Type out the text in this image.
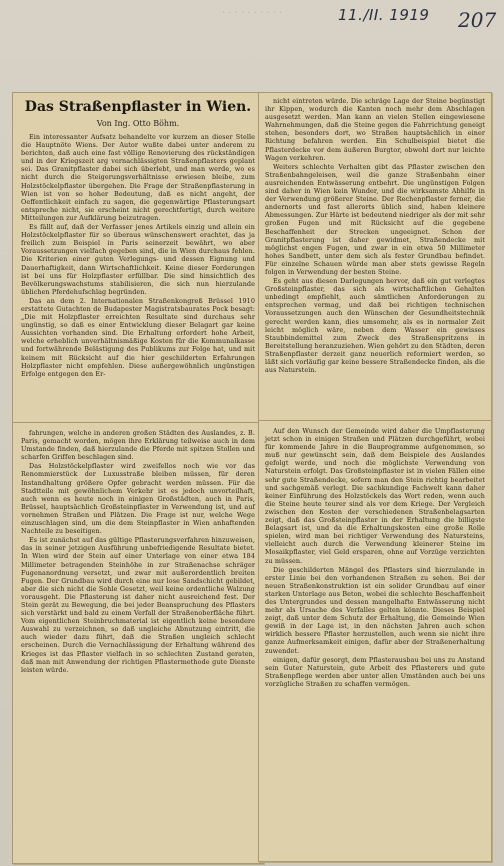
· · · · · · · · · ·	11./II. 1919 207
Das Straßenpflaster in Wien.
Von Ing. Otto Böhm.

Ein interessanter Aufsatz behandelte vor kurzem an dieser Stelle die Hauptnöte Wiens. Der Autor wußte dabei unter anderem zu berichten, daß auch eine fast völlige Renovierung des rückständigen und in der Kriegszeit arg vernachlässigten Straßenpflasters geplant sei. Das Granitpflaster dabei sich überlebt, und man werde, wo es nicht durch die Steigerungsverhältnisse erwiesen bleibe, zum Holzstöckelpflaster übergehen. Die Frage der Straßenpflasterung in Wien ist von so hoher Bedeutung, daß es nicht angeht, der Oeffentlichkeit einfach zu sagen, die gegenwärtige Pflasterungsart entspreche nicht, sie erscheint nicht gerechtfertigt, durch weitere Mitteilungen zur Aufklärung beizutragen.

Es fällt auf, daß der Verfasser jenes Artikels einzig und allein ein Holzstöckelpflaster für so überaus wünschenswert erachtet, das ja freilich zum Beispiel in Paris seinerzeit bewährt, wo aber Voraussetzungen vielfach gegeben sind, die in Wien durchaus fehlen. Die Kriterien einer guten Verlegungs- und dessen Eignung und Dauerhaftigkeit, dann Wirtschaftlichkeit. Keine dieser Forderungen ist bei uns für Holzpflaster erfüllbar. Die sind hinsichtlich des Bevölkerungswachstums stabilisieren, die sich nun hierzulande üblichen Pferdehufschlag begründen.

Das an dem 2. Internationalen Straßenkongreß Brüssel 1910 erstattete Gutachten de Budapester Magistratsbaurates Pock besagt: „Die mit Holzpflaster erreichten Resultate sind durchaus sehr ungünstig, so daß es einer Entwicklung dieser Belagart gar keine Aussichten vorhanden sind. Die Erhaltung erfordert hohe Arbeit, welche erheblich unverhältnismäßige Kosten für die Kommunalkasse und fortwährende Belästigung des Publikums zur Folge hat, und mit keinem mit Rücksicht auf die hier geschilderten Erfahrungen Holzpflaster nicht empfehlen. Diese außergewöhnlich ungünstigen Erfolge entgegen den Er-

nicht eintreten würde. Die schräge Lage der Steine begünstigt ihr Kippen, wodurch die Kanten noch mehr dem Abschlagen ausgesetzt werden. Man kann an vielen Stellen eingewiesene Wahrnehmungen, daß die Steine gegen die Fahrrichtung geneigt stehen, besonders dort, wo Straßen hauptsächlich in einer Richtung befahren werden. Ein Schulbeispiel bietet die Pflasterdecke vor dem äußeren Burgtor, obwohl dort nur leichte Wagen verkehren.

Weiters schlechte Verhalten gibt das Pflaster zwischen den Straßenbahngeleisen, weil die ganze Straßenbahn einer ausreichenden Entwässerung entbehrt. Die ungünstigen Folgen sind daher in Wien kein Wunder, und die wirksamste Abhilfe in der Verwendung größerer Steine. Der Rechenpflaster ferner, die andernorts und fast allerorts üblich sind, haben kleinere Abmessungen. Zur Härte ist bedeutend niedriger als der mit sehr großen Fugen und mit Rücksicht auf die gegebene Beschaffenheit der Strecken ungeeignet. Schon der Granitpflasterung ist daher gewidmet, Straßendecke mit möglichst engen Fugen, und zwar in ein etwa 50 Millimeter hohes Sandbett, unter dem sich als fester Grundbau befindet. Für einzelne Schauen würde man aber stets gewisse Regeln folgen in Verwendung der besten Steine.

Es geht aus diesen Darlegungen hervor, daß ein gut verlegtes Großsteinpflaster, das sich als wirtschaftlichen Gehalten unbedingt empfiehlt, auch sämtlichen Anforderungen zu entsprechen vermag, und daß bei richtigen technischen Voraussetzungen auch den Wünschen der Gesundheitstechnik gerecht werden kann, dies umsomehr, als es in normaler Zeit leicht möglich wäre, neben dem Wasser ein gewisses Staubbindemittel zum Zweck des Straßenspritzens in Bereitstellung heranzuziehen. Wien gehört zu den Städten, deren Straßenpflaster derzeit ganz neuerlich reformiert werden, so läßt sich vorläufig gar keine bessere Straßendecke finden, als die aus Naturstein.

fahrungen, welche in anderen großen Städten des Auslandes, z. B. Paris, gemacht worden, mögen ihre Erklärung teilweise auch in dem Umstande finden, daß hierzulande die Pferde mit spitzen Stollen und scharfen Griffen beschlagen sind.

Das Holzstöckelpflaster wird zweifellos noch wie vor das Renommierstück der Luxusstraße bleiben müssen, für deren Instandhaltung größere Opfer gebracht werden müssen. Für die Stadtteile mit gewöhnlichem Verkehr ist es jedoch unvorteilhaft, auch wenn es heute noch in einigen Großstädten, auch in Paris, Brüssel, hauptsächlich Großsteinpflaster in Verwendung ist, und auf vornehmen Straßen und Plätzen. Die Frage ist nur, welche Wege einzuschlagen sind, um die dem Steinpflaster in Wien anhaftenden Nachteile zu beseitigen.

Es ist zunächst auf das gültige Pflasterungsverfahren hinzuweisen, das in seiner jetzigen Ausführung unbefriedigende Resultate bietet. In Wien wird der Stein auf einer Unterlage von einer etwa 184 Millimeter betragenden Steinhöhe in zur Straßenachse schräger Fugenanordnung versetzt, und zwar mit außerordentlich breiten Fugen. Der Grundbau wird durch eine nur lose Sandschicht gebildet, aber die sich nicht die Sohle Gesetzt, weil keine ordentliche Walzung vorausgeht. Die Pflasterung ist daher nicht ausreichend fest. Der Stein gerät zu Bewegung, die bei jeder Beanspruchung des Pflasters sich verstärkt und bald zu einem Verfall der Straßenoberfläche führt. Vom eigentlichen Steinbruchmaterial ist eigentlich keine besondere Auswahl zu verzeichnen, so daß ungleiche Abnutzung eintritt, die auch wieder dazu führt, daß die Straßen ungleich schlecht erscheinen. Durch die Vernachlässigung der Erhaltung während des Krieges ist das Pflaster vielfach in so schlechten Zustand geraten, daß man mit Anwendung der richtigen Pflastermethode gute Dienste leisten würde.

Auf den Wunsch der Gemeinde wird daher die Umpflasterung jetzt schon in einigen Straßen und Plätzen durchgeführt, wobei für kommende Jahre in die Bauprogramme aufgenommen, so muß nur gewünscht sein, daß dem Beispiele des Auslandes gefolgt werde, und noch die möglichste Verwendung von Naturstein erfolgt. Das Großsteinpflaster ist in vielen Fällen eine sehr gute Straßendecke, sofern man den Stein richtig bearbeitet und sachgemäß verlegt. Die sachkundige Fachwelt kann daher keiner Einführung des Holzstöckels das Wort reden, wenn auch die Steine heute teurer sind als vor dem Kriege. Der Vergleich zwischen den Kosten der verschiedenen Straßenbelagsarten zeigt, daß das Großsteinpflaster in der Erhaltung die billigste Belagsart ist, und da die Erhaltungskosten eine große Rolle spielen, wird man bei richtiger Verwendung des Natursteins, vielleicht auch durch die Verwendung kleinerer Steine im Mosaikpflaster, viel Geld ersparen, ohne auf Vorzüge verzichten zu müssen.

Die geschilderten Mängel des Pflasters sind hierzulande in erster Linie bei den vorhandenen Straßen zu sehen. Bei der neuen Straßenkonstruktion ist ein solider Grundbau auf einer starken Unterlage aus Beton, wobei die schlechte Beschaffenheit des Untergrundes und dessen mangelhafte Entwässerung nicht mehr als Ursache des Verfalles gelten könnte. Dieses Beispiel zeigt, daß unter dem Schutz der Erhaltung, die Gemeinde Wien gewiß in der Lage ist, in den nächsten Jahren auch schon wirklich bessere Pflaster herzustellen, auch wenn sie nicht ihre ganze Aufmerksamkeit einigen, dafür aber der Straßenerhaltung zuwendet.

einigen, dafür gesorgt, dem Pflasterausbau bei uns zu Anstand sein Guter Naturstein, gute Arbeit des Pflasterers und gute Straßenpflege werden aber unter allen Umständen auch bei uns vorzügliche Straßen zu schaffen vermögen.
